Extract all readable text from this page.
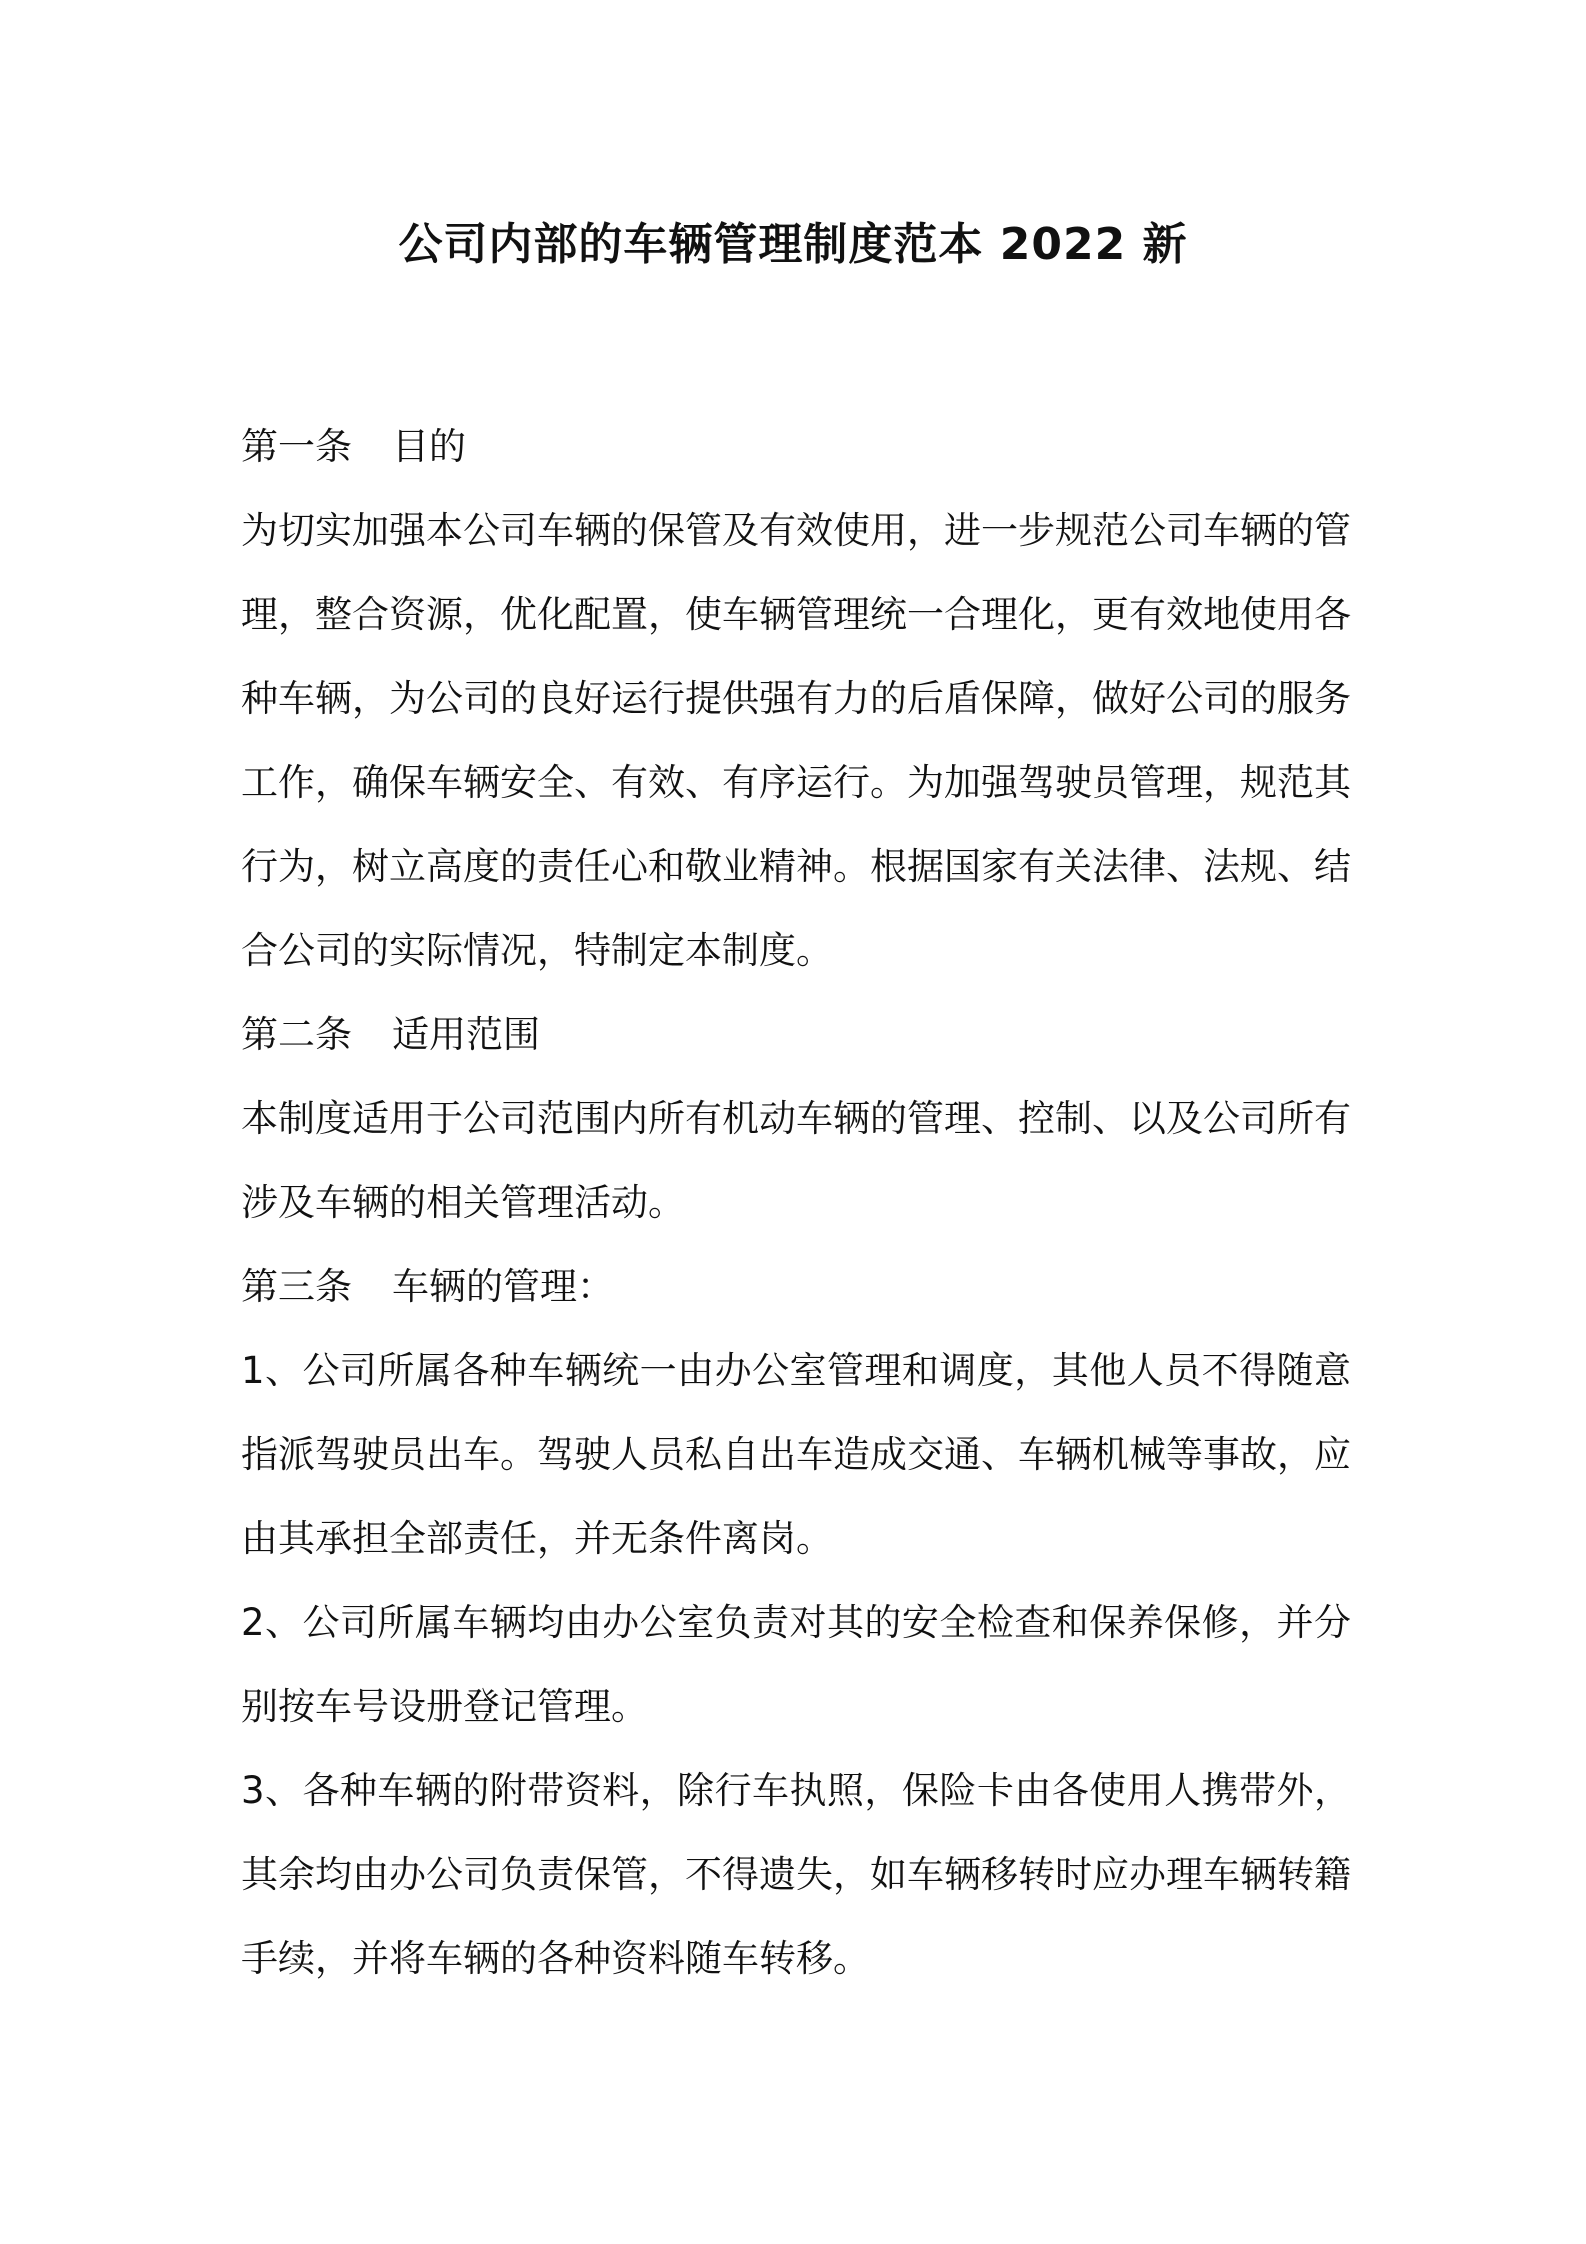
公司内部的车辆管理制度范本 2022 新

第一条 目的

为切实加强本公司车辆的保管及有效使用，进一步规范公司车辆的管理，整合资源，优化配置，使车辆管理统一合理化，更有效地使用各种车辆，为公司的良好运行提供强有力的后盾保障，做好公司的服务工作，确保车辆安全、有效、有序运行。为加强驾驶员管理，规范其行为，树立高度的责任心和敬业精神。根据国家有关法律、法规、结合公司的实际情况，特制定本制度。

第二条 适用范围

本制度适用于公司范围内所有机动车辆的管理、控制、以及公司所有涉及车辆的相关管理活动。

第三条 车辆的管理：

1、公司所属各种车辆统一由办公室管理和调度，其他人员不得随意指派驾驶员出车。驾驶人员私自出车造成交通、车辆机械等事故，应由其承担全部责任，并无条件离岗。

2、公司所属车辆均由办公室负责对其的安全检查和保养保修，并分别按车号设册登记管理。

3、各种车辆的附带资料，除行车执照，保险卡由各使用人携带外，其余均由办公司负责保管，不得遗失，如车辆移转时应办理车辆转籍手续，并将车辆的各种资料随车转移。
